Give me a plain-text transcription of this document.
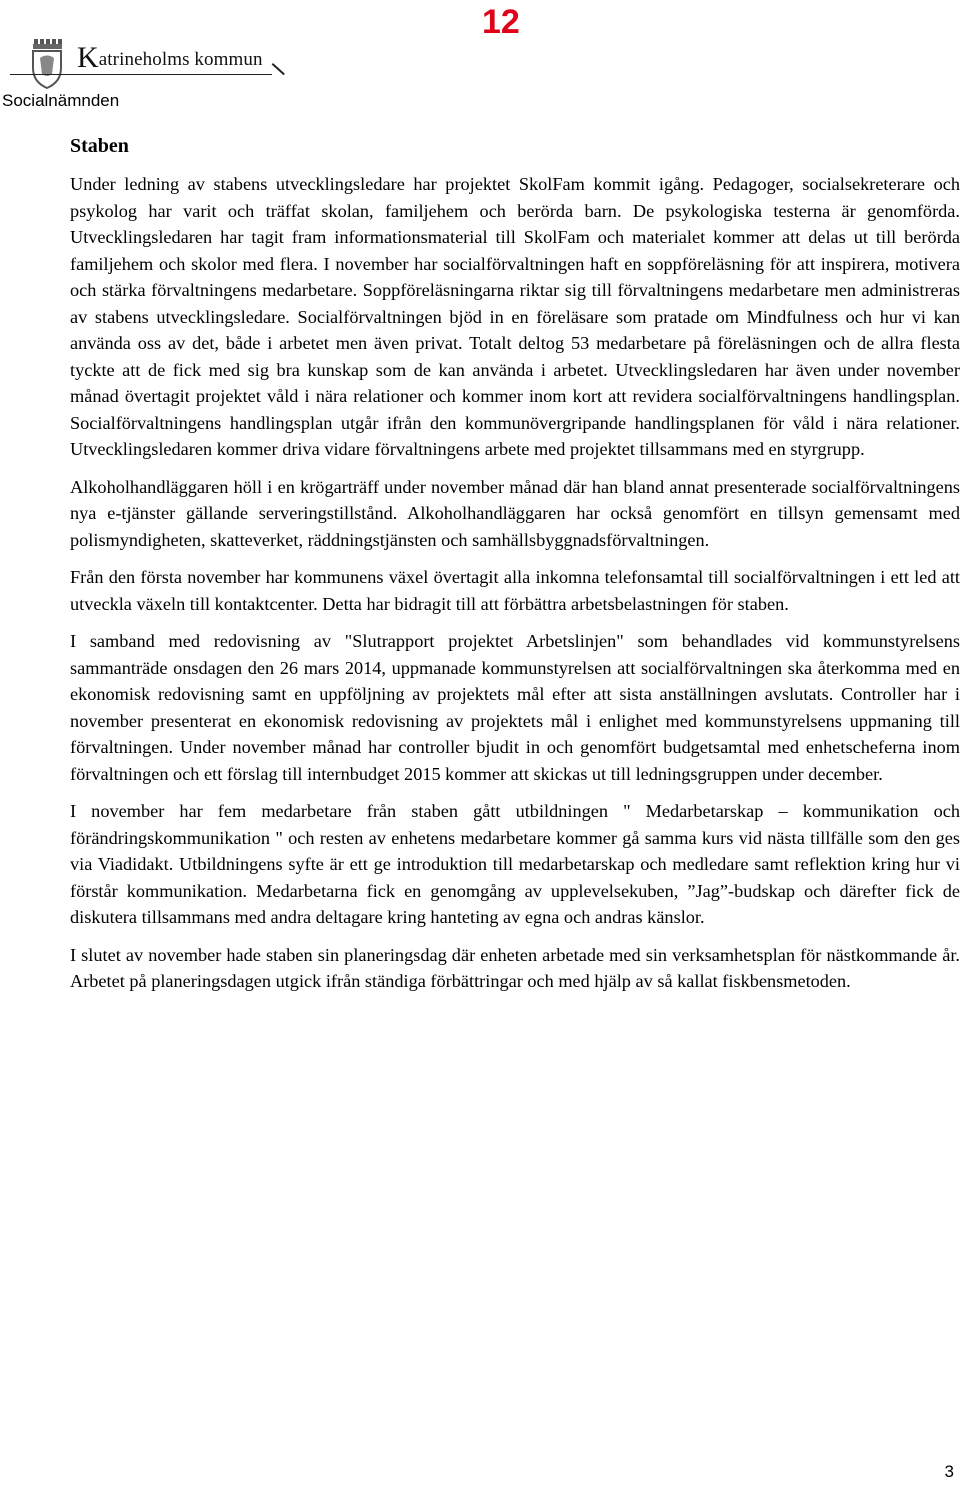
12
Katrineholms kommun
Socialnämnden
Staben

Under ledning av stabens utvecklingsledare har projektet SkolFam kommit igång. Pedagoger, socialsekreterare och psykolog har varit och träffat skolan, familjehem och berörda barn. De psykologiska testerna är genomförda. Utvecklingsledaren har tagit fram informationsmaterial till SkolFam och materialet kommer att delas ut till berörda familjehem och skolor med flera. I november har socialförvaltningen haft en soppföreläsning för att inspirera, motivera och stärka förvaltningens medarbetare. Soppföreläsningarna riktar sig till förvaltningens medarbetare men administreras av stabens utvecklingsledare. Socialförvaltningen bjöd in en föreläsare som pratade om Mindfulness och hur vi kan använda oss av det, både i arbetet men även privat. Totalt deltog 53 medarbetare på föreläsningen och de allra flesta tyckte att de fick med sig bra kunskap som de kan använda i arbetet. Utvecklingsledaren har även under november månad övertagit projektet våld i nära relationer och kommer inom kort att revidera socialförvaltningens handlingsplan. Socialförvaltningens handlingsplan utgår ifrån den kommunövergripande handlingsplanen för våld i nära relationer. Utvecklingsledaren kommer driva vidare förvaltningens arbete med projektet tillsammans med en styrgrupp.

Alkoholhandläggaren höll i en krögarträff under november månad där han bland annat presenterade socialförvaltningens nya e-tjänster gällande serveringstillstånd. Alkoholhandläggaren har också genomfört en tillsyn gemensamt med polismyndigheten, skatteverket, räddningstjänsten och samhällsbyggnadsförvaltningen.

Från den första november har kommunens växel övertagit alla inkomna telefonsamtal till socialförvaltningen i ett led att utveckla växeln till kontaktcenter. Detta har bidragit till att förbättra arbetsbelastningen för staben.

I samband med redovisning av "Slutrapport projektet Arbetslinjen" som behandlades vid kommunstyrelsens sammanträde onsdagen den 26 mars 2014, uppmanade kommunstyrelsen att socialförvaltningen ska återkomma med en ekonomisk redovisning samt en uppföljning av projektets mål efter att sista anställningen avslutats. Controller har i november presenterat en ekonomisk redovisning av projektets mål i enlighet med kommunstyrelsens uppmaning till förvaltningen. Under november månad har controller bjudit in och genomfört budgetsamtal med enhetscheferna inom förvaltningen och ett förslag till internbudget 2015 kommer att skickas ut till ledningsgruppen under december.

I november har fem medarbetare från staben gått utbildningen " Medarbetarskap – kommunikation och förändringskommunikation " och resten av enhetens medarbetare kommer gå samma kurs vid nästa tillfälle som den ges via Viadidakt. Utbildningens syfte är ett ge introduktion till medarbetarskap och medledare samt reflektion kring hur vi förstår kommunikation. Medarbetarna fick en genomgång av upplevelsekuben, ”Jag”-budskap och därefter fick de diskutera tillsammans med andra deltagare kring hanteting av egna och andras känslor.

I slutet av november hade staben sin planeringsdag där enheten arbetade med sin verksamhetsplan för nästkommande år. Arbetet på planeringsdagen utgick ifrån ständiga förbättringar och med hjälp av så kallat fiskbensmetoden.

3
